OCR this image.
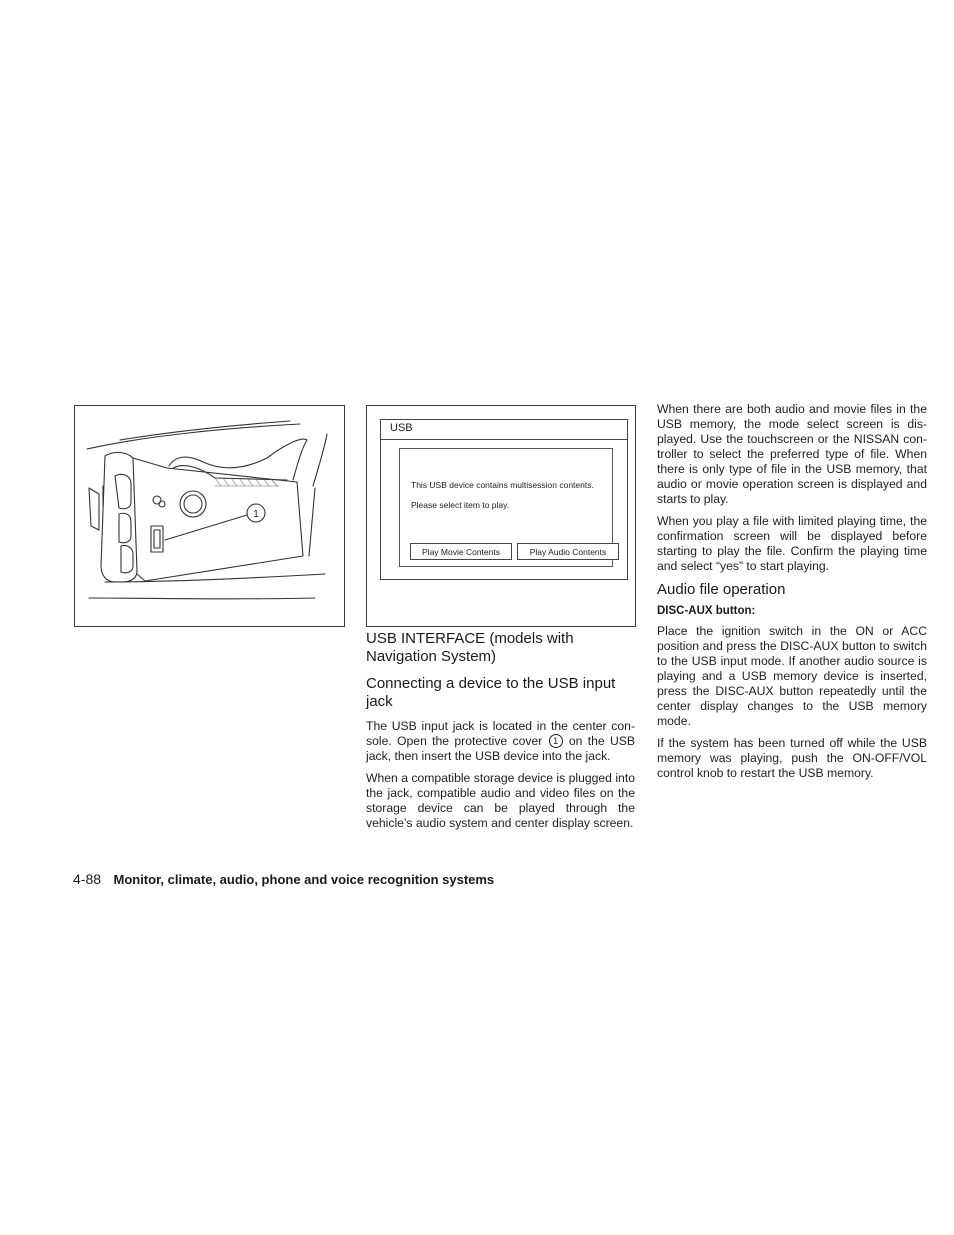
1
USB
This USB device contains multisession contents.
Please select item to play.
Play Movie Contents	Play Audio Contents
USB INTERFACE (models with Navigation System)
Connecting a device to the USB input jack

The USB input jack is located in the center con-sole. Open the protective cover 1 on the USB jack, then insert the USB device into the jack.

When a compatible storage device is plugged into the jack, compatible audio and video files on the storage device can be played through the vehicle’s audio system and center display screen.

When there are both audio and movie files in the USB memory, the mode select screen is dis-played. Use the touchscreen or the NISSAN con-troller to select the preferred type of file. When there is only type of file in the USB memory, that audio or movie operation screen is displayed and starts to play.

When you play a file with limited playing time, the confirmation screen will be displayed before starting to play the file. Confirm the playing time and select “yes” to start playing.

Audio file operation
DISC-AUX button:

Place the ignition switch in the ON or ACC position and press the DISC-AUX button to switch to the USB input mode. If another audio source is playing and a USB memory device is inserted, press the DISC-AUX button repeatedly until the center display changes to the USB memory mode.

If the system has been turned off while the USB memory was playing, push the ON-OFF/VOL control knob to restart the USB memory.

4-88 Monitor, climate, audio, phone and voice recognition systems
